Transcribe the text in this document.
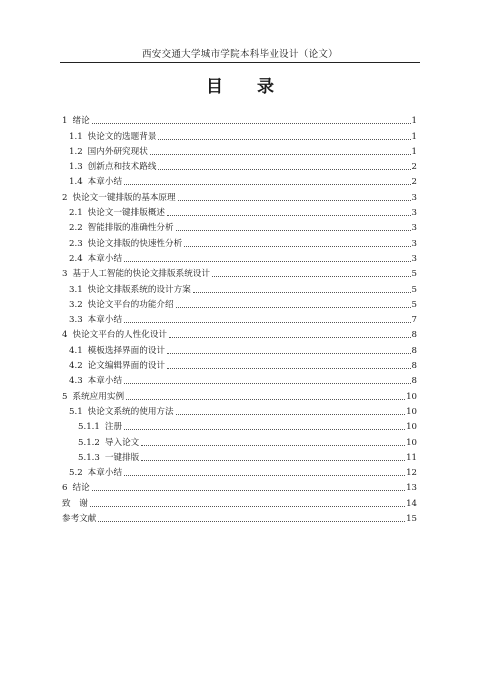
西安交通大学城市学院本科毕业设计（论文）
目 录
1 绪论	1
1.1 快论文的选题背景	1
1.2 国内外研究现状	1
1.3 创新点和技术路线	2
1.4 本章小结	2
2 快论文一键排版的基本原理	3
2.1 快论文一键排版概述	3
2.2 智能排版的准确性分析	3
2.3 快论文排版的快速性分析	3
2.4 本章小结	3
3 基于人工智能的快论文排版系统设计	5
3.1 快论文排版系统的设计方案	5
3.2 快论文平台的功能介绍	5
3.3 本章小结	7
4 快论文平台的人性化设计	8
4.1 模板选择界面的设计	8
4.2 论文编辑界面的设计	8
4.3 本章小结	8
5 系统应用实例	10
5.1 快论文系统的使用方法	10
5.1.1 注册	10
5.1.2 导入论文	10
5.1.3 一键排版	11
5.2 本章小结	12
6 结论	13
致　谢	14
参考文献	15
